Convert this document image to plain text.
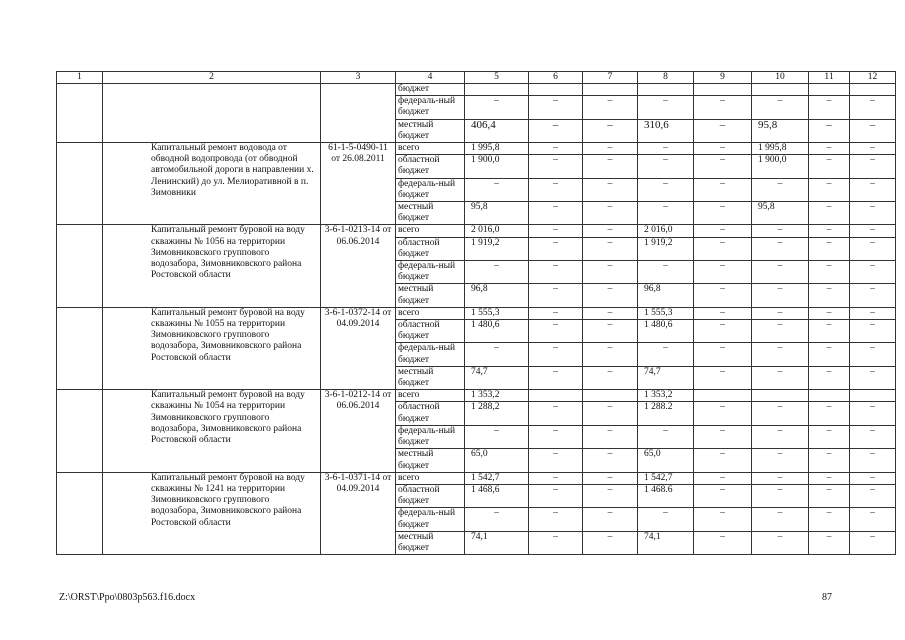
1	2	3	4	5	6	7	8	9	10	11	12
			бюджет								
			федераль-ный бюджет	–	–	–	–	–	–	–	–
			местный бюджет	406,4	–	–	310,6	–	95,8	–	–
	Капитальный ремонт водовода от обводной водопровода (от обводной автомобильной дороги в направлении х. Ленинский) до ул. Мелиоративной в п. Зимовники	61-1-5-0490-11 от 26.08.2011	всего	1 995,8	–	–	–	–	1 995,8	–	–
			областной бюджет	1 900,0	–	–	–	–	1 900,0	–	–
			федераль-ный бюджет	–	–	–	–	–	–	–	–
			местный бюджет	95,8	–	–	–	–	95,8	–	–
	Капитальный ремонт буровой на воду скважины № 1056 на территории Зимовниковского группового водозабора, Зимовниковского района Ростовской области	3-6-1-0213-14 от 06.06.2014	всего	2 016,0	–	–	2 016,0	–	–	–	–
			областной бюджет	1 919,2	–	–	1 919,2	–	–	–	–
			федераль-ный бюджет	–	–	–	–	–	–	–	–
			местный бюджет	96,8	–	–	96,8	–	–	–	–
	Капитальный ремонт буровой на воду скважины № 1055 на территории Зимовниковского группового водозабора, Зимовниковского района Ростовской области	3-6-1-0372-14 от 04.09.2014	всего	1 555,3	–	–	1 555,3	–	–	–	–
			областной бюджет	1 480,6	–	–	1 480,6	–	–	–	–
			федераль-ный бюджет	–	–	–	–	–	–	–	–
			местный бюджет	74,7	–	–	74,7	–	–	–	–
	Капитальный ремонт буровой на воду скважины № 1054 на территории Зимовниковского группового водозабора, Зимовниковского района Ростовской области	3-6-1-0212-14 от 06.06.2014	всего	1 353,2			1 353,2				
			областной бюджет	1 288,2	–	–	1 288.2	–	–	–	–
			федераль-ный бюджет	–	–	–	–	–	–	–	–
			местный бюджет	65,0	–	–	65,0	–	–	–	–
	Капитальный ремонт буровой на воду скважины № 1241 на территории Зимовниковского группового водозабора, Зимовниковского района Ростовской области	3-6-1-0371-14 от 04.09.2014	всего	1 542,7	–	–	1 542,7	–	–	–	–
			областной бюджет	1 468,6	–	–	1 468.6	–	–	–	–
			федераль-ный бюджет	–	–	–	–	–	–	–	–
			местный бюджет	74,1	–	–	74,1	–	–	–	–
Z:\ORST\Ppo\0803p563.f16.docx	87
